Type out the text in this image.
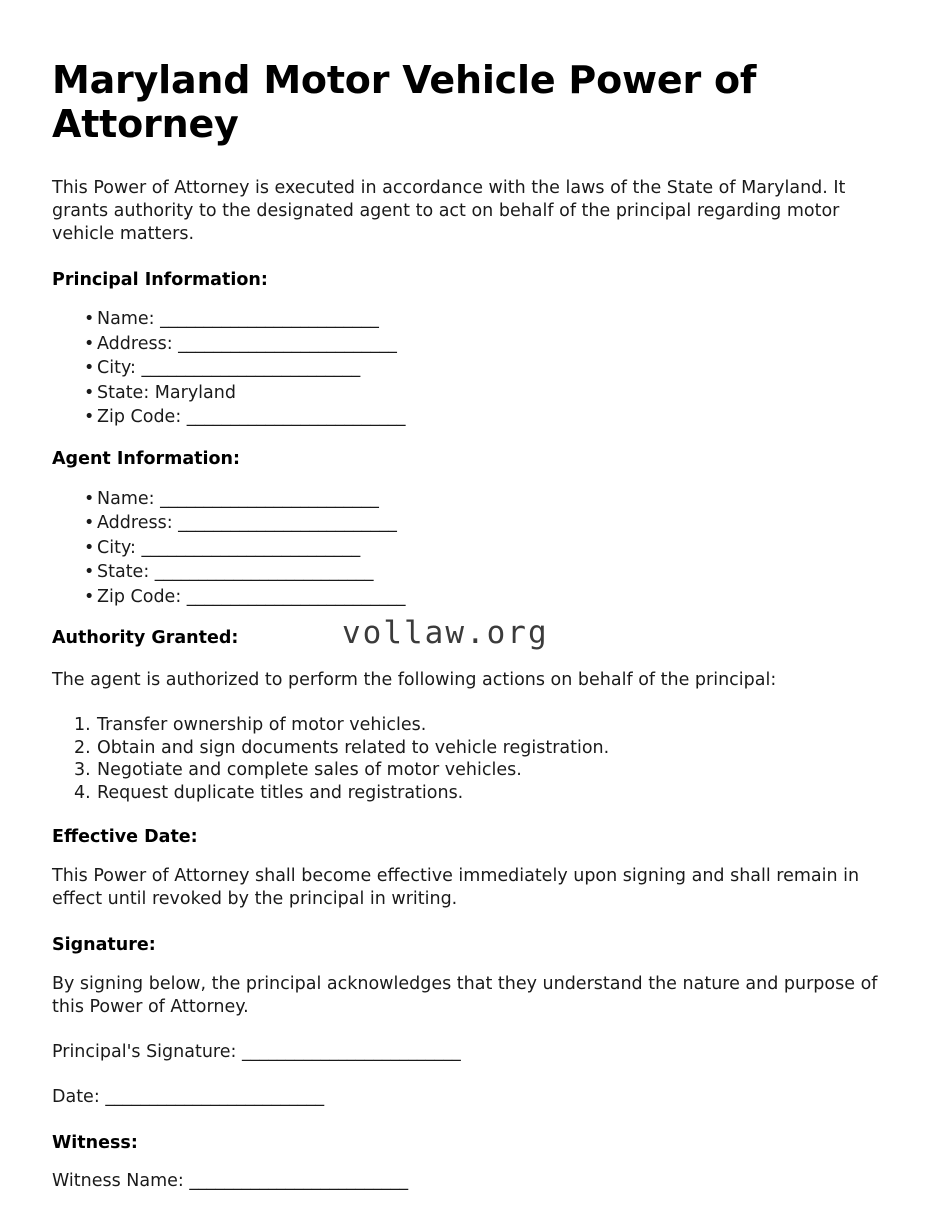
Maryland Motor Vehicle Power of Attorney

This Power of Attorney is executed in accordance with the laws of the State of Maryland. It grants authority to the designated agent to act on behalf of the principal regarding motor vehicle matters.

Principal Information:
• Name: _________________________
• Address: _________________________
• City: _________________________
• State: Maryland
• Zip Code: _________________________
Agent Information:
• Name: _________________________
• Address: _________________________
• City: _________________________
• State: _________________________
• Zip Code: _________________________
Authority Granted:	vollaw.org

The agent is authorized to perform the following actions on behalf of the principal:

Transfer ownership of motor vehicles.
Obtain and sign documents related to vehicle registration.
Negotiate and complete sales of motor vehicles.
Request duplicate titles and registrations.
Effective Date:

This Power of Attorney shall become effective immediately upon signing and shall remain in effect until revoked by the principal in writing.

Signature:

By signing below, the principal acknowledges that they understand the nature and purpose of this Power of Attorney.

Principal's Signature: _________________________

Date: _________________________

Witness:

Witness Name: _________________________
